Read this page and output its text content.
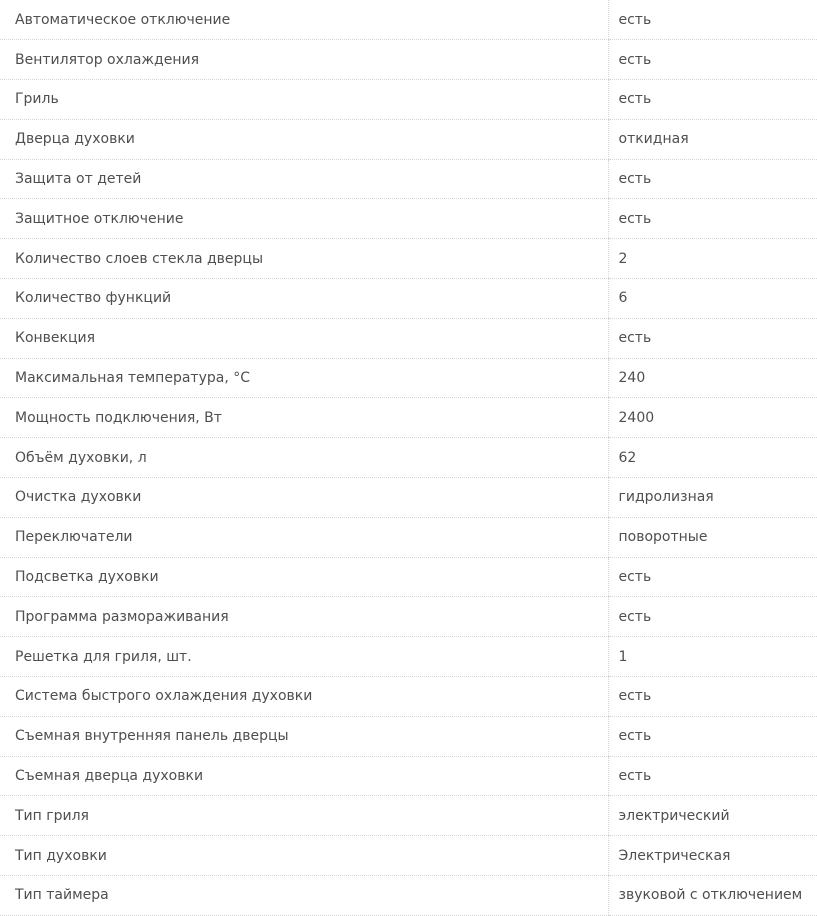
Автоматическое отключение	есть
Вентилятор охлаждения	есть
Гриль	есть
Дверца духовки	откидная
Защита от детей	есть
Защитное отключение	есть
Количество слоев стекла дверцы	2
Количество функций	6
Конвекция	есть
Максимальная температура, °C	240
Мощность подключения, Вт	2400
Объём духовки, л	62
Очистка духовки	гидролизная
Переключатели	поворотные
Подсветка духовки	есть
Программа размораживания	есть
Решетка для гриля, шт.	1
Система быстрого охлаждения духовки	есть
Съемная внутренняя панель дверцы	есть
Съемная дверца духовки	есть
Тип гриля	электрический
Тип духовки	Электрическая
Тип таймера	звуковой с отключением
